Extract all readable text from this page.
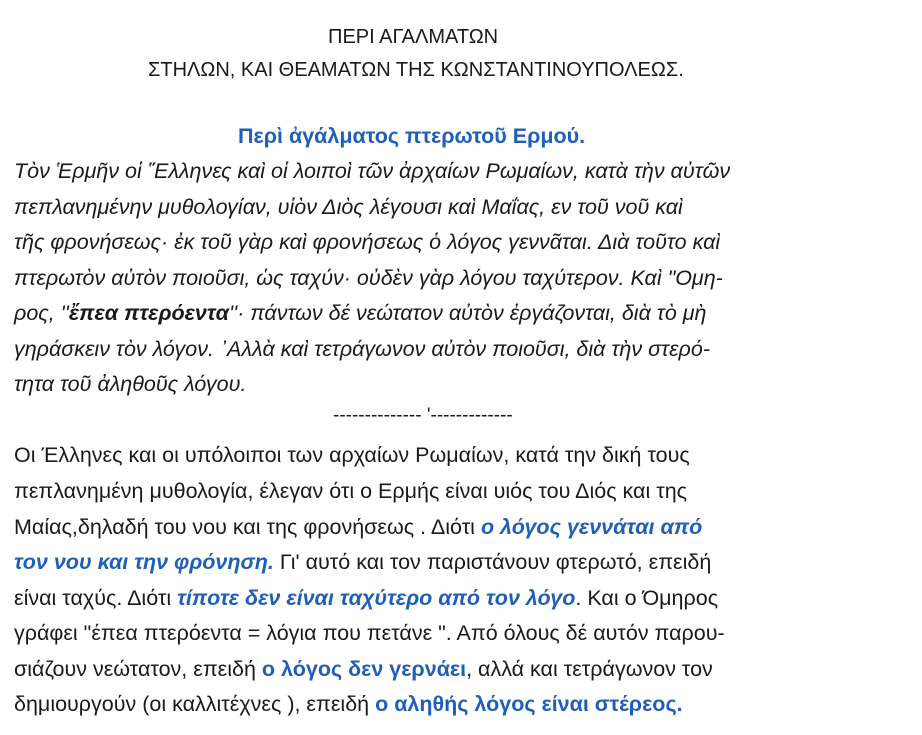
ΠΕΡΙ ΑΓΑΛΜΑΤΩΝ
ΣΤΗΛΩΝ, ΚΑΙ ΘΕΑΜΑΤΩΝ ΤΗΣ ΚΩΝΣΤΑΝΤΙΝΟΥΠΟΛΕΩΣ.
Περὶ ἀγάλματος πτερωτοῦ Ερμού.
Τὸν Ἑρμῆν οἱ Ἕλληνες καὶ οἱ λοιποὶ τῶν ἀρχαίων Ρωμαίων, κατὰ τὴν αὐτῶν
πεπλανημένην μυθολογίαν, υἱὸν Διὸς λέγουσι καὶ Μαΐας, εν τοῦ νοῦ καὶ
τῆς φρονήσεως· ἐκ τοῦ γὰρ καὶ φρονήσεως ὁ λόγος γεννᾶται. Διὰ τοῦτο καὶ
πτερωτὸν αὐτὸν ποιοῦσι, ὡς ταχύν· οὐδὲν γὰρ λόγου ταχύτερον. Καὶ "Ομη-
ρος, ''ἔπεα πτερόεντα''· πάντων δέ νεώτατον αὐτὸν ἐργάζονται, διὰ τὸ μὴ
γηράσκειν τὸν λόγον. ᾽Αλλὰ καὶ τετράγωνον αὐτὸν ποιοῦσι, διὰ τὴν στερό-
τητα τοῦ ἀληθοῦς λόγου.
-------------- '-------------
Οι Έλληνες και οι υπόλοιποι των αρχαίων Ρωμαίων, κατά την δική τους
πεπλανημένη μυθολογία, έλεγαν ότι ο Ερμής είναι υιός του Διός και της
Μαίας,δηλαδή του νου και της φρονήσεως . Διότι ο λόγος γεννάται από
τον νου και την φρόνηση. Γι' αυτό και τον παριστάνουν φτερωτό, επειδή
είναι ταχύς. Διότι τίποτε δεν είναι ταχύτερο από τον λόγο. Και ο Όμηρος
γράφει "έπεα πτερόεντα = λόγια που πετάνε ". Από όλους δέ αυτόν παρου-
σιάζουν νεώτατον, επειδή ο λόγος δεν γερνάει, αλλά και τετράγωνον τον
δημιουργούν (οι καλλιτέχνες ), επειδή ο αληθής λόγος είναι στέρεος.
